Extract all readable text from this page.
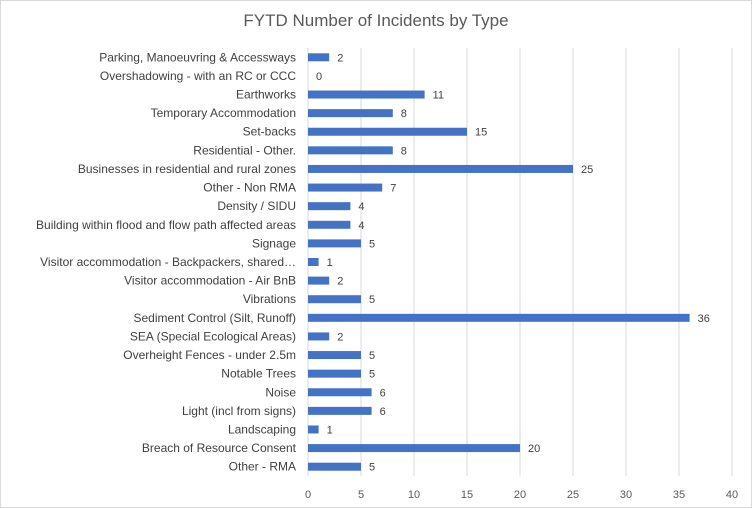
FYTD Number of Incidents by Type
0	5	10	15	20	25	30	35	40
Parking, Manoeuvring & Accessways	2
Overshadowing - with an RC or CCC 0
Earthworks	11
Temporary Accommodation	8
Set-backs	15
Residential - Other.	8
Businesses in residential and rural zones	25
Other - Non RMA	7
Density / SIDU	4
Building within flood and flow path affected areas	4
Signage	5
Visitor accommodation - Backpackers, shared…	1
Visitor accommodation - Air BnB	2
Vibrations	5
Sediment Control (Silt, Runoff)	36
SEA (Special Ecological Areas)	2
Overheight Fences - under 2.5m	5
Notable Trees	5
Noise	6
Light (incl from signs)	6
Landscaping	1
Breach of Resource Consent	20
Other - RMA	5
